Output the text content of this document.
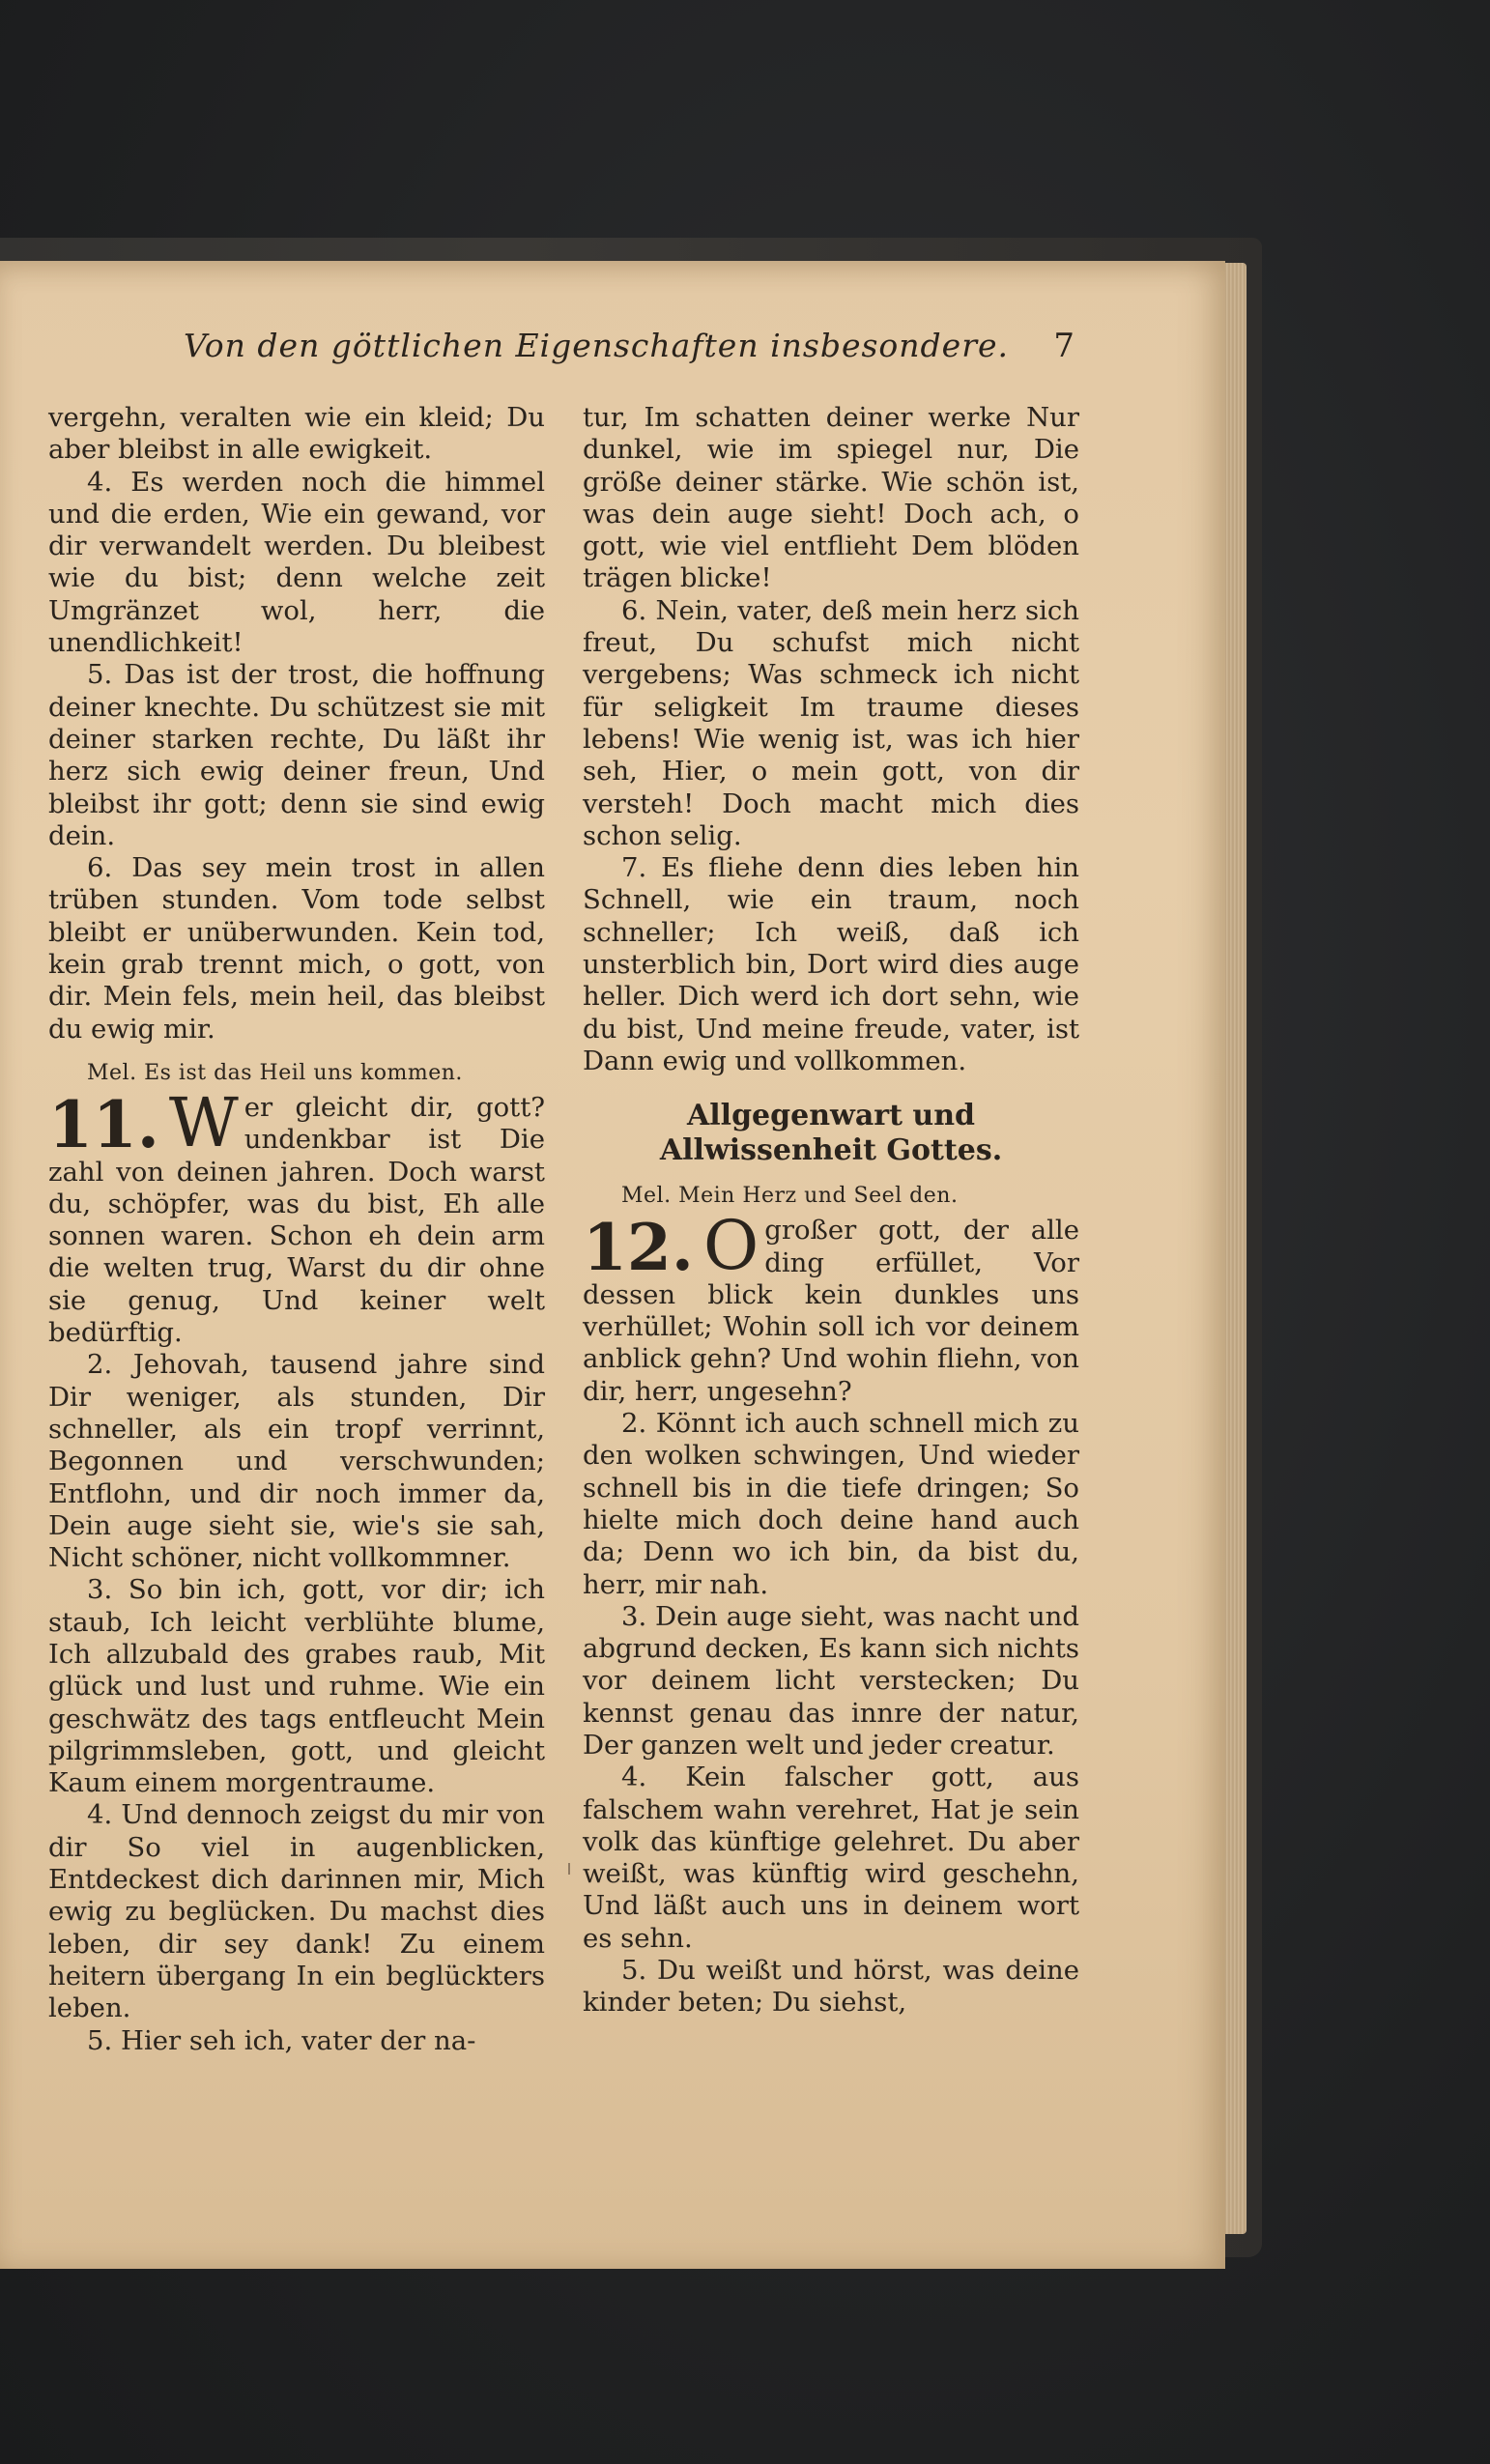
Von den göttlichen Eigenschaften insbesondere. 7

vergehn, veralten wie ein kleid; Du aber bleibst in alle ewigkeit.

4. Es werden noch die himmel und die erden, Wie ein gewand, vor dir verwandelt werden. Du bleibest wie du bist; denn welche zeit Umgränzet wol, herr, die unendlichkeit!

5. Das ist der trost, die hoffnung deiner knechte. Du schützest sie mit deiner starken rechte, Du läßt ihr herz sich ewig deiner freun, Und bleibst ihr gott; denn sie sind ewig dein.

6. Das sey mein trost in allen trüben stunden. Vom tode selbst bleibt er unüberwunden. Kein tod, kein grab trennt mich, o gott, von dir. Mein fels, mein heil, das bleibst du ewig mir.

Mel. Es ist das Heil uns kommen.

11. W er gleicht dir, gott? undenkbar ist Die zahl von deinen jahren. Doch warst du, schöpfer, was du bist, Eh alle sonnen waren. Schon eh dein arm die welten trug, Warst du dir ohne sie genug, Und keiner welt bedürftig.

2. Jehovah, tausend jahre sind Dir weniger, als stunden, Dir schneller, als ein tropf verrinnt, Begonnen und verschwunden; Entflohn, und dir noch immer da, Dein auge sieht sie, wie's sie sah, Nicht schöner, nicht vollkommner.

3. So bin ich, gott, vor dir; ich staub, Ich leicht verblühte blume, Ich allzubald des grabes raub, Mit glück und lust und ruhme. Wie ein geschwätz des tags entfleucht Mein pilgrimmsleben, gott, und gleicht Kaum einem morgentraume.

4. Und dennoch zeigst du mir von dir So viel in augenblicken, Entdeckest dich darinnen mir, Mich ewig zu beglücken. Du machst dies leben, dir sey dank! Zu einem heitern übergang In ein beglückters leben.

5. Hier seh ich, vater der na-

tur, Im schatten deiner werke Nur dunkel, wie im spiegel nur, Die größe deiner stärke. Wie schön ist, was dein auge sieht! Doch ach, o gott, wie viel entflieht Dem blöden trägen blicke!

6. Nein, vater, deß mein herz sich freut, Du schufst mich nicht vergebens; Was schmeck ich nicht für seligkeit Im traume dieses lebens! Wie wenig ist, was ich hier seh, Hier, o mein gott, von dir versteh! Doch macht mich dies schon selig.

7. Es fliehe denn dies leben hin Schnell, wie ein traum, noch schneller; Ich weiß, daß ich unsterblich bin, Dort wird dies auge heller. Dich werd ich dort sehn, wie du bist, Und meine freude, vater, ist Dann ewig und vollkommen.

Allgegenwart und Allwissenheit Gottes.

Mel. Mein Herz und Seel den.

12. O großer gott, der alle ding erfüllet, Vor dessen blick kein dunkles uns verhüllet; Wohin soll ich vor deinem anblick gehn? Und wohin fliehn, von dir, herr, ungesehn?

2. Könnt ich auch schnell mich zu den wolken schwingen, Und wieder schnell bis in die tiefe dringen; So hielte mich doch deine hand auch da; Denn wo ich bin, da bist du, herr, mir nah.

3. Dein auge sieht, was nacht und abgrund decken, Es kann sich nichts vor deinem licht verstecken; Du kennst genau das innre der natur, Der ganzen welt und jeder creatur.

4. Kein falscher gott, aus falschem wahn verehret, Hat je sein volk das künftige gelehret. Du aber weißt, was künftig wird geschehn, Und läßt auch uns in deinem wort es sehn.

5. Du weißt und hörst, was deine kinder beten; Du siehst,
